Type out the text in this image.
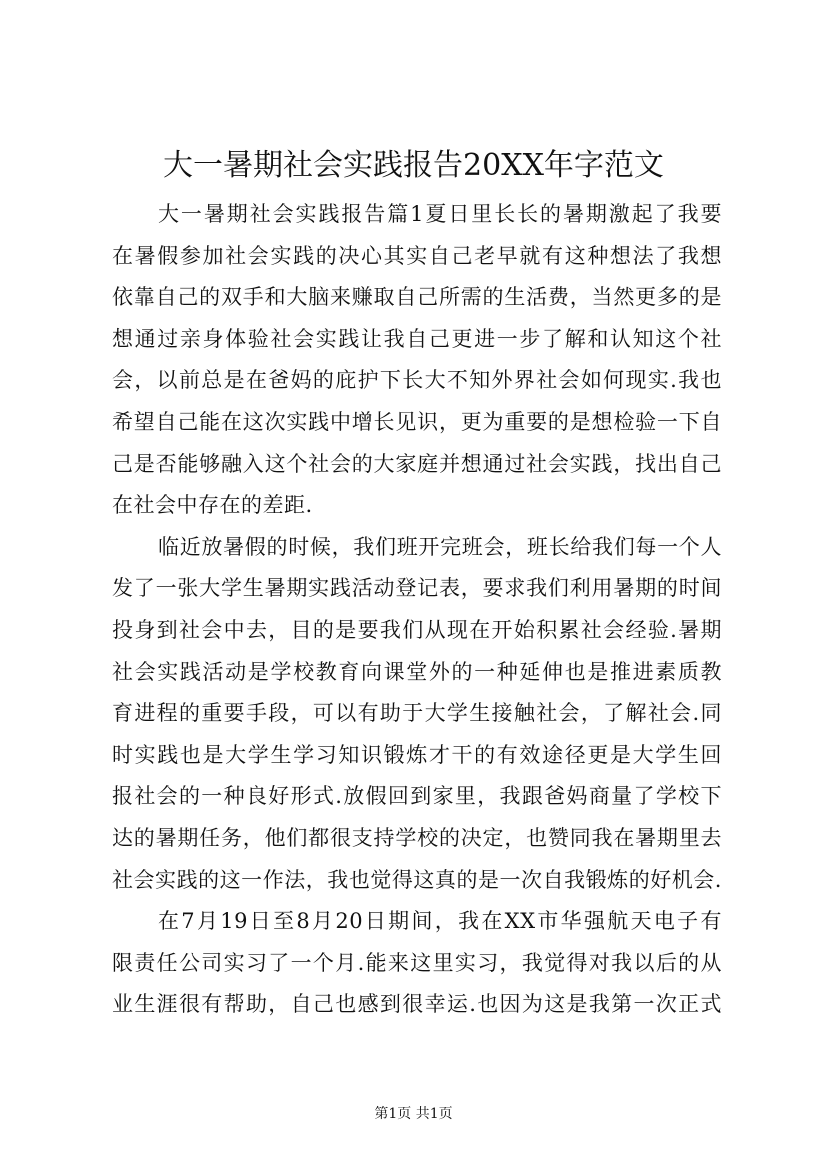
大一暑期社会实践报告20XX年字范文
大一暑期社会实践报告篇1夏日里长长的暑期激起了我要
在暑假参加社会实践的决心其实自己老早就有这种想法了我想
依靠自己的双手和大脑来赚取自己所需的生活费，当然更多的是
想通过亲身体验社会实践让我自己更进一步了解和认知这个社
会，以前总是在爸妈的庇护下长大不知外界社会如何现实.我也
希望自己能在这次实践中增长见识，更为重要的是想检验一下自
己是否能够融入这个社会的大家庭并想通过社会实践，找出自己
在社会中存在的差距.
临近放暑假的时候，我们班开完班会，班长给我们每一个人
发了一张大学生暑期实践活动登记表，要求我们利用暑期的时间
投身到社会中去，目的是要我们从现在开始积累社会经验.暑期
社会实践活动是学校教育向课堂外的一种延伸也是推进素质教
育进程的重要手段，可以有助于大学生接触社会，了解社会.同
时实践也是大学生学习知识锻炼才干的有效途径更是大学生回
报社会的一种良好形式.放假回到家里，我跟爸妈商量了学校下
达的暑期任务，他们都很支持学校的决定，也赞同我在暑期里去
社会实践的这一作法，我也觉得这真的是一次自我锻炼的好机会.
在7月19日至8月20日期间，我在XX市华强航天电子有
限责任公司实习了一个月.能来这里实习，我觉得对我以后的从
业生涯很有帮助，自己也感到很幸运.也因为这是我第一次正式
第1页 共1页
